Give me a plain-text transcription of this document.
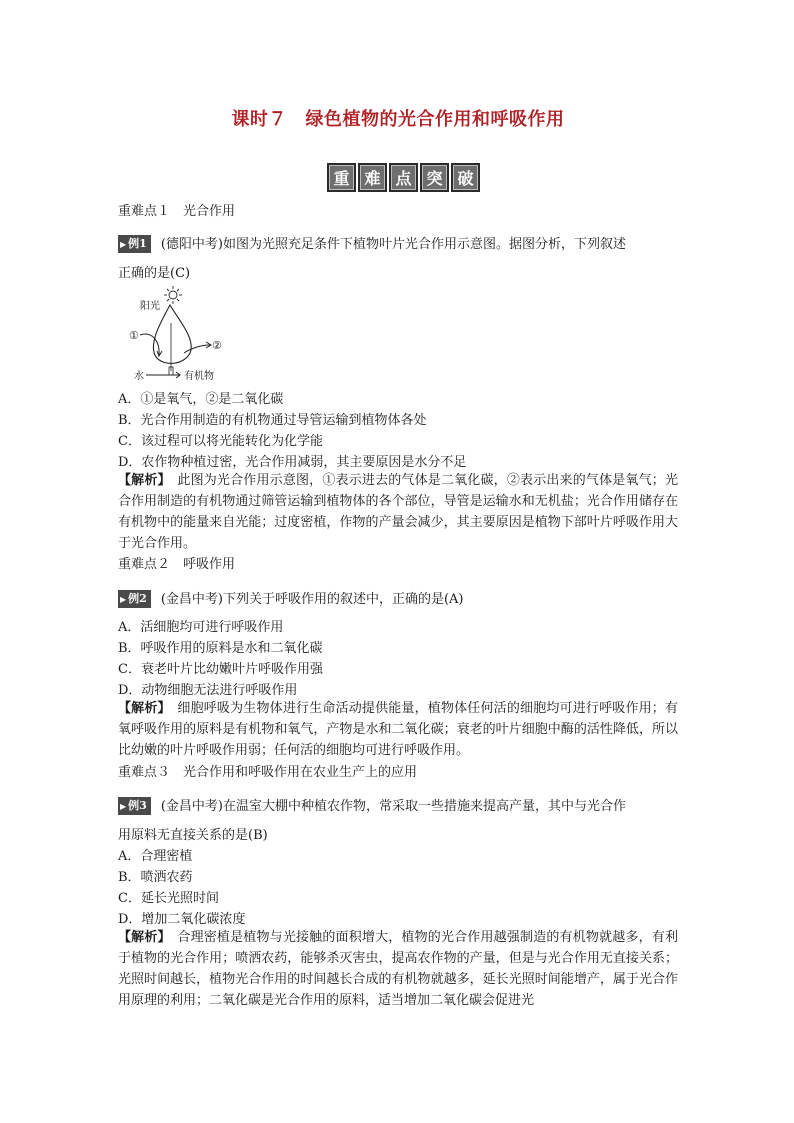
课时７　绿色植物的光合作用和呼吸作用
重 难 点 突 破
重难点１　光合作用
▶ 例1 (德阳中考)如图为光照充足条件下植物叶片光合作用示意图。据图分析，下列叙述
正确的是(C)
阳光
①
②
水	有机物
A．①是氧气，②是二氧化碳
B．光合作用制造的有机物通过导管运输到植物体各处
C．该过程可以将光能转化为化学能
D．农作物种植过密，光合作用减弱，其主要原因是水分不足
【解析】　此图为光合作用示意图，①表示进去的气体是二氧化碳，②表示出来的气体是氧气；光合作用制造的有机物通过筛管运输到植物体的各个部位，导管是运输水和无机盐；光合作用储存在有机物中的能量来自光能；过度密植，作物的产量会减少，其主要原因是植物下部叶片呼吸作用大于光合作用。
重难点２　呼吸作用
▶ 例2 (金昌中考)下列关于呼吸作用的叙述中，正确的是(A)
A．活细胞均可进行呼吸作用
B．呼吸作用的原料是水和二氧化碳
C．衰老叶片比幼嫩叶片呼吸作用强
D．动物细胞无法进行呼吸作用
【解析】　细胞呼吸为生物体进行生命活动提供能量，植物体任何活的细胞均可进行呼吸作用；有氧呼吸作用的原料是有机物和氧气，产物是水和二氧化碳；衰老的叶片细胞中酶的活性降低，所以比幼嫩的叶片呼吸作用弱；任何活的细胞均可进行呼吸作用。
重难点３　光合作用和呼吸作用在农业生产上的应用
▶ 例3 (金昌中考)在温室大棚中种植农作物，常采取一些措施来提高产量，其中与光合作
用原料无直接关系的是(B)
A．合理密植
B．喷洒农药
C．延长光照时间
D．增加二氧化碳浓度
【解析】　合理密植是植物与光接触的面积增大，植物的光合作用越强制造的有机物就越多，有利于植物的光合作用；喷洒农药，能够杀灭害虫，提高农作物的产量，但是与光合作用无直接关系；光照时间越长，植物光合作用的时间越长合成的有机物就越多，延长光照时间能增产，属于光合作用原理的利用；二氧化碳是光合作用的原料，适当增加二氧化碳会促进光
